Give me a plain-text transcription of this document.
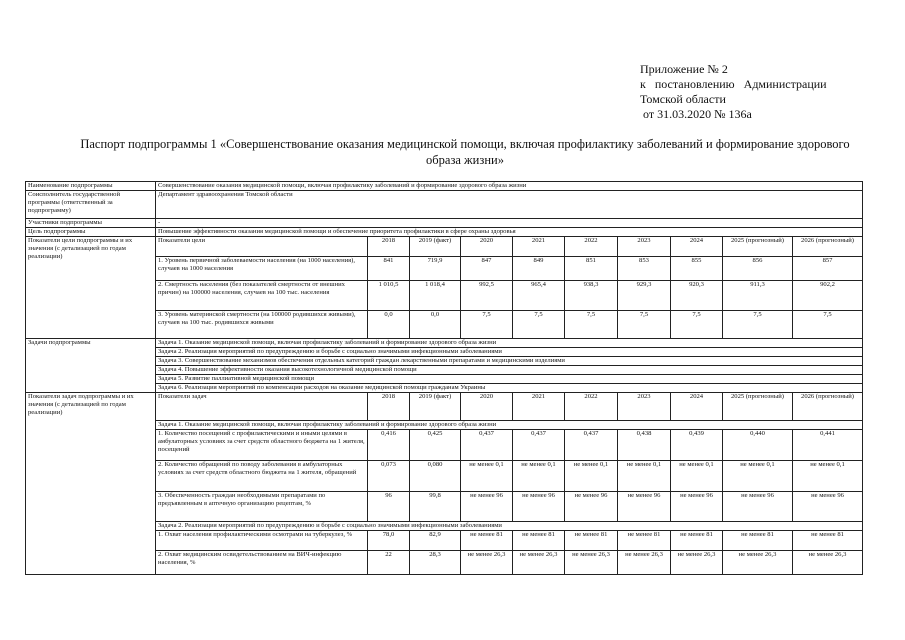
Приложение № 2
к   постановлению   Администрации
Томской области
от 31.03.2020 № 136а
Паспорт подпрограммы 1 «Совершенствование оказания медицинской помощи, включая профилактику заболеваний и формирование здорового образа жизни»
Наименование подпрограммы	Совершенствование оказания медицинской помощи, включая профилактику заболеваний и формирование здорового образа жизни									
Соисполнитель государственной программы (ответственный за подпрограмму)	Департамент здравоохранения Томской области									
Участники подпрограммы	-									
Цель подпрограммы	Повышение эффективности оказания медицинской помощи и обеспечение приоритета профилактики в сфере охраны здоровья									
Показатели цели подпрограммы и их значения (с детализацией по годам реализации)	Показатели цели	2018	2019 (факт)	2020	2021	2022	2023	2024	2025 (прогнозный)	2026 (прогнозный)
	1. Уровень первичной заболеваемости населения (на 1000 населения), случаев на 1000 населения	841	719,9	847	849	851	853	855	856	857
	2. Смертность населения (без показателей смертности от внешних причин) на 100000 населения, случаев на 100 тыс. населения	1 010,5	1 018,4	992,5	965,4	938,3	929,3	920,3	911,3	902,2
	3. Уровень материнской смертности (на 100000 родившихся живыми), случаев на 100 тыс. родившихся живыми	0,0	0,0	7,5	7,5	7,5	7,5	7,5	7,5	7,5
Задачи подпрограммы	Задача 1. Оказание медицинской помощи, включая профилактику заболеваний и формирование здорового образа жизни									
	Задача 2. Реализация мероприятий по предупреждению и борьбе с социально значимыми инфекционными заболеваниями									
	Задача 3. Совершенствование механизмов обеспечения отдельных категорий граждан лекарственными препаратами и медицинскими изделиями									
	Задача 4. Повышение эффективности оказания высокотехнологичной медицинской помощи									
	Задача 5. Развитие паллиативной медицинской помощи									
	Задача 6. Реализация мероприятий по компенсации расходов на оказание медицинской помощи гражданам Украины									
Показатели задач подпрограммы и их значения (с детализацией по годам реализации)	Показатели задач	2018	2019 (факт)	2020	2021	2022	2023	2024	2025 (прогнозный)	2026 (прогнозный)
	Задача 1. Оказание медицинской помощи, включая профилактику заболеваний и формирование здорового образа жизни									
	1. Количество посещений с профилактическими и иными целями в амбулаторных условиях за счет средств областного бюджета на 1 жителя, посещений	0,416	0,425	0,437	0,437	0,437	0,438	0,439	0,440	0,441
	2. Количество обращений по поводу заболевания в амбулаторных условиях за счет средств областного бюджета на 1 жителя, обращений	0,073	0,080	не менее 0,1	не менее 0,1	не менее 0,1	не менее 0,1	не менее 0,1	не менее 0,1	не менее 0,1
	3. Обеспеченность граждан необходимыми препаратами по предъявленным в аптечную организацию рецептам, %	96	99,8	не менее 96	не менее 96	не менее 96	не менее 96	не менее 96	не менее 96	не менее 96
	Задача 2. Реализация мероприятий по предупреждению и борьбе с социально значимыми инфекционными заболеваниями									
	1. Охват населения профилактическими осмотрами на туберкулез, %	78,0	82,9	не менее 81	не менее 81	не менее 81	не менее 81	не менее 81	не менее 81	не менее 81
	2. Охват медицинским освидетельствованием на ВИЧ-инфекцию населения, %	22	28,3	не менее 26,3	не менее 26,3	не менее 26,3	не менее 26,3	не менее 26,3	не менее 26,3	не менее 26,3
